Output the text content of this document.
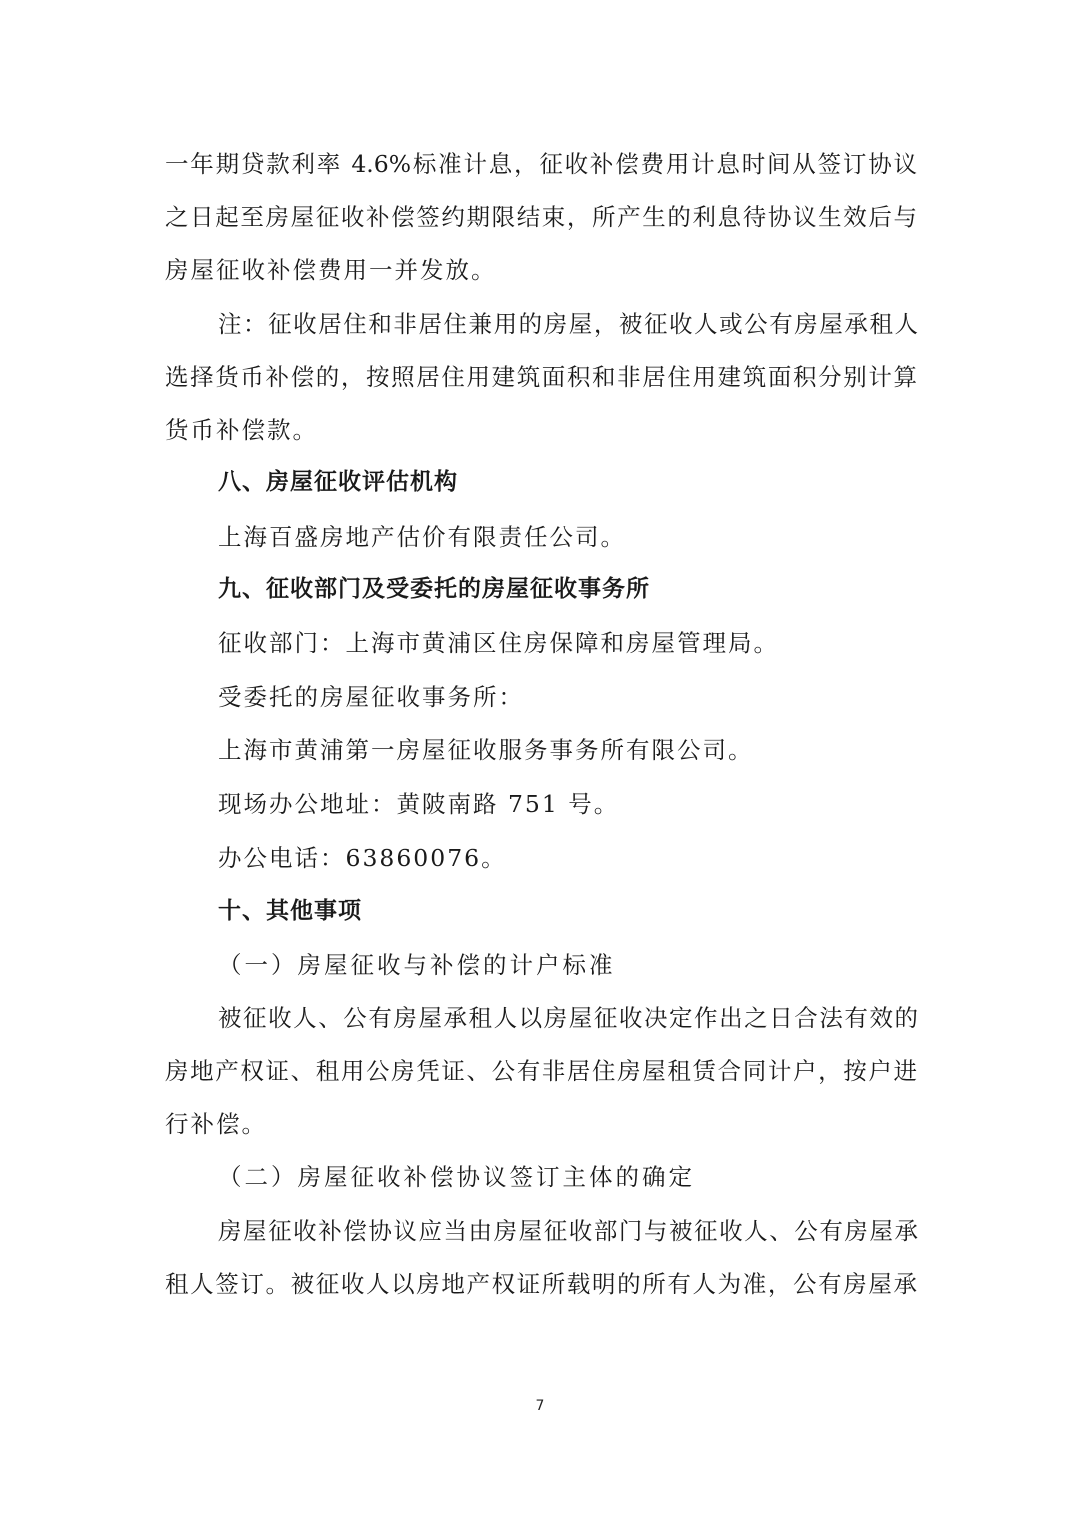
一年期贷款利率 4.6%标准计息，征收补偿费用计息时间从签订协议
之日起至房屋征收补偿签约期限结束，所产生的利息待协议生效后与
房屋征收补偿费用一并发放。
注：征收居住和非居住兼用的房屋，被征收人或公有房屋承租人
选择货币补偿的，按照居住用建筑面积和非居住用建筑面积分别计算
货币补偿款。
八、房屋征收评估机构
上海百盛房地产估价有限责任公司。
九、征收部门及受委托的房屋征收事务所
征收部门：上海市黄浦区住房保障和房屋管理局。
受委托的房屋征收事务所：
上海市黄浦第一房屋征收服务事务所有限公司。
现场办公地址：黄陂南路 751 号。
办公电话：63860076。
十、其他事项
（一）房屋征收与补偿的计户标准
被征收人、公有房屋承租人以房屋征收决定作出之日合法有效的
房地产权证、租用公房凭证、公有非居住房屋租赁合同计户，按户进
行补偿。
（二）房屋征收补偿协议签订主体的确定
房屋征收补偿协议应当由房屋征收部门与被征收人、公有房屋承
租人签订。被征收人以房地产权证所载明的所有人为准，公有房屋承
7
